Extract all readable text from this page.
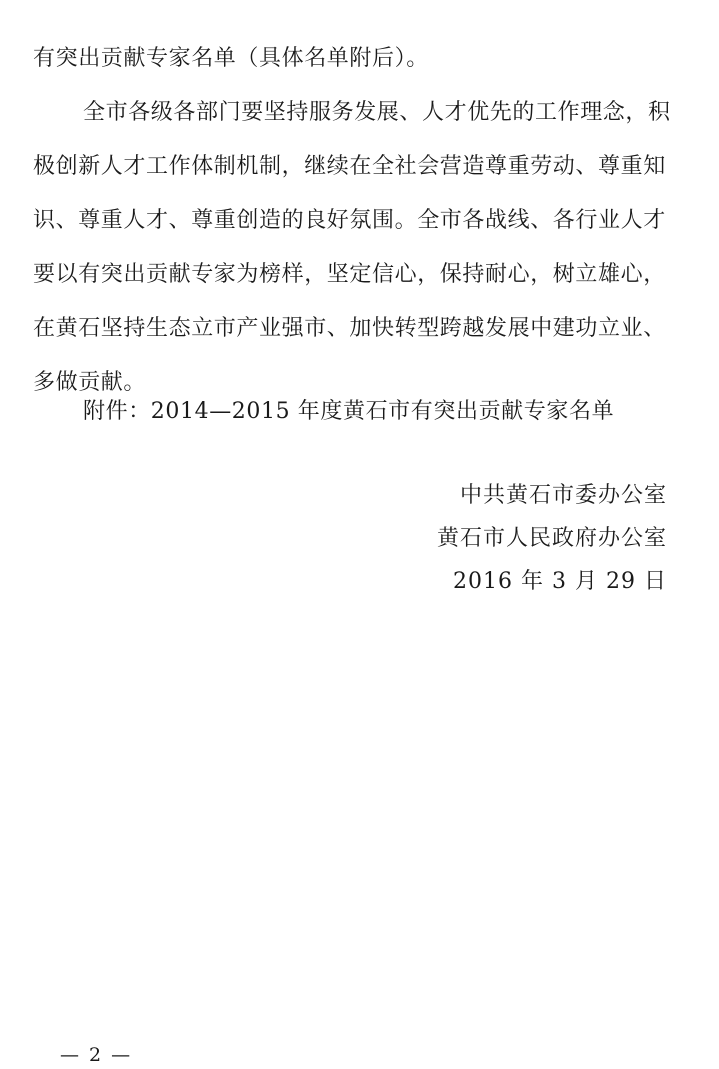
有突出贡献专家名单（具体名单附后）。
全市各级各部门要坚持服务发展、人才优先的工作理念，积
极创新人才工作体制机制，继续在全社会营造尊重劳动、尊重知
识、尊重人才、尊重创造的良好氛围。全市各战线、各行业人才
要以有突出贡献专家为榜样，坚定信心，保持耐心，树立雄心，
在黄石坚持生态立市产业强市、加快转型跨越发展中建功立业、
多做贡献。
附件：2014—2015 年度黄石市有突出贡献专家名单
中共黄石市委办公室
黄石市人民政府办公室
2016 年 3 月 29 日
— 2 —
